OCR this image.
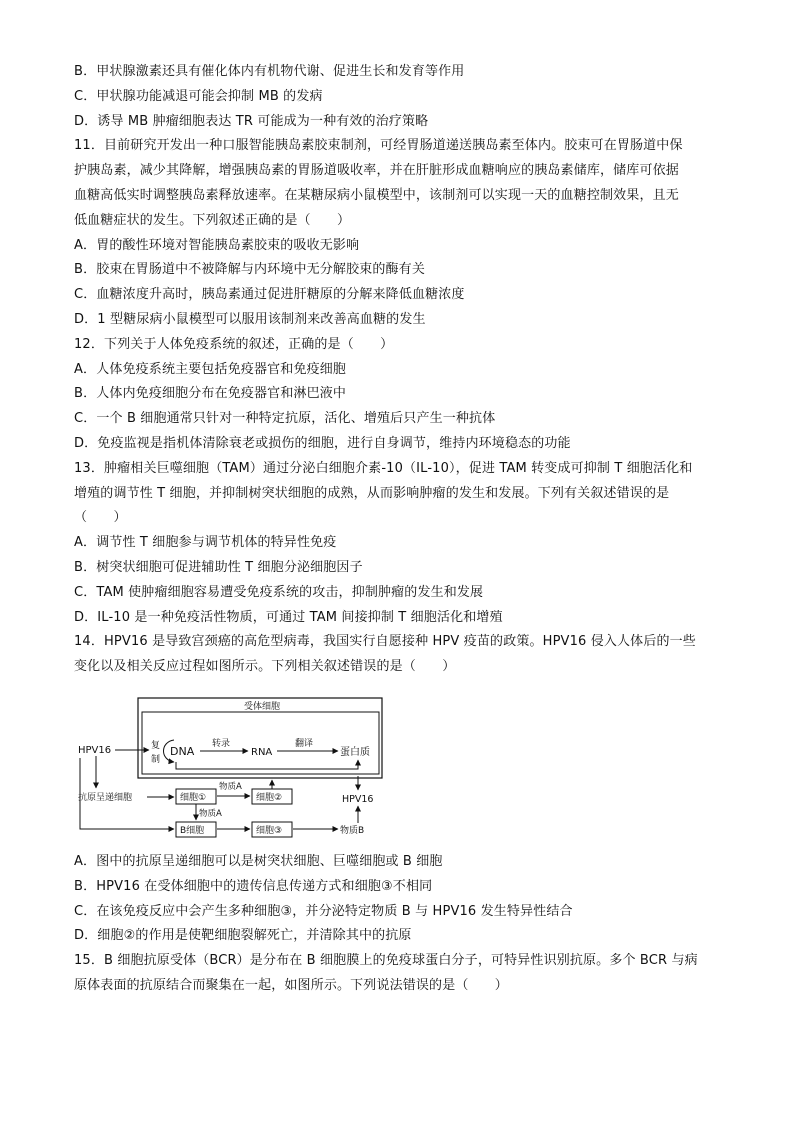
B．甲状腺激素还具有催化体内有机物代谢、促进生长和发育等作用
C．甲状腺功能减退可能会抑制 MB 的发病
D．诱导 MB 肿瘤细胞表达 TR 可能成为一种有效的治疗策略
11．目前研究开发出一种口服智能胰岛素胶束制剂，可经胃肠道递送胰岛素至体内。胶束可在胃肠道中保
护胰岛素，减少其降解，增强胰岛素的胃肠道吸收率，并在肝脏形成血糖响应的胰岛素储库，储库可依据
血糖高低实时调整胰岛素释放速率。在某糖尿病小鼠模型中，该制剂可以实现一天的血糖控制效果，且无
低血糖症状的发生。下列叙述正确的是（　　）
A．胃的酸性环境对智能胰岛素胶束的吸收无影响
B．胶束在胃肠道中不被降解与内环境中无分解胶束的酶有关
C．血糖浓度升高时，胰岛素通过促进肝糖原的分解来降低血糖浓度
D．1 型糖尿病小鼠模型可以服用该制剂来改善高血糖的发生
12．下列关于人体免疫系统的叙述，正确的是（　　）
A．人体免疫系统主要包括免疫器官和免疫细胞
B．人体内免疫细胞分布在免疫器官和淋巴液中
C．一个 B 细胞通常只针对一种特定抗原，活化、增殖后只产生一种抗体
D．免疫监视是指机体清除衰老或损伤的细胞，进行自身调节，维持内环境稳态的功能
13．肿瘤相关巨噬细胞（TAM）通过分泌白细胞介素-10（IL-10），促进 TAM 转变成可抑制 T 细胞活化和
增殖的调节性 T 细胞，并抑制树突状细胞的成熟，从而影响肿瘤的发生和发展。下列有关叙述错误的是
（　　）
A．调节性 T 细胞参与调节机体的特异性免疫
B．树突状细胞可促进辅助性 T 细胞分泌细胞因子
C．TAM 使肿瘤细胞容易遭受免疫系统的攻击，抑制肿瘤的发生和发展
D．IL-10 是一种免疫活性物质，可通过 TAM 间接抑制 T 细胞活化和增殖
14．HPV16 是导致宫颈癌的高危型病毒，我国实行自愿接种 HPV 疫苗的政策。HPV16 侵入人体后的一些
变化以及相关反应过程如图所示。下列相关叙述错误的是（　　）
受体细胞
HPV16	复
制
DNA
转录
RNA
翻译
蛋白质
抗原呈递细胞	细胞①
物质A
细胞②
物质A
B细胞	细胞③	物质B
HPV16
A．图中的抗原呈递细胞可以是树突状细胞、巨噬细胞或 B 细胞
B．HPV16 在受体细胞中的遗传信息传递方式和细胞③不相同
C．在该免疫反应中会产生多种细胞③，并分泌特定物质 B 与 HPV16 发生特异性结合
D．细胞②的作用是使靶细胞裂解死亡，并清除其中的抗原
15．B 细胞抗原受体（BCR）是分布在 B 细胞膜上的免疫球蛋白分子，可特异性识别抗原。多个 BCR 与病
原体表面的抗原结合而聚集在一起，如图所示。下列说法错误的是（　　）
